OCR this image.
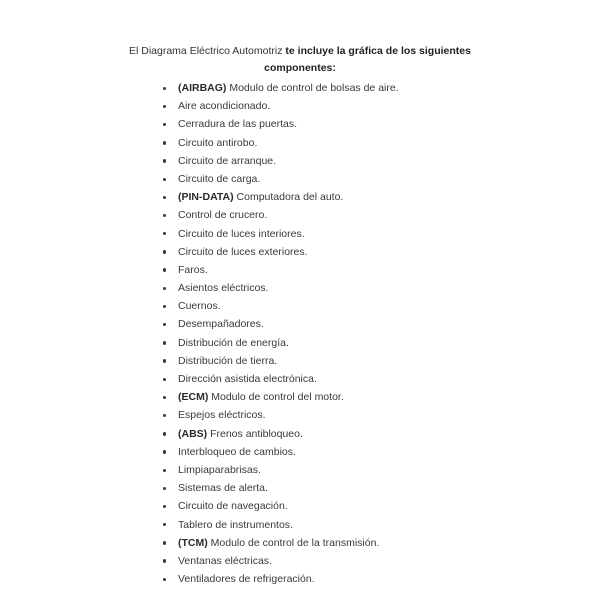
El Diagrama Eléctrico Automotriz te incluye la gráfica de los siguientes componentes:
(AIRBAG) Modulo de control de bolsas de aire.
Aire acondicionado.
Cerradura de las puertas.
Circuito antirobo.
Circuito de arranque.
Circuito de carga.
(PIN-DATA) Computadora del auto.
Control de crucero.
Circuito de luces interiores.
Circuito de luces exteriores.
Faros.
Asientos eléctricos.
Cuernos.
Desempañadores.
Distribución de energía.
Distribución de tierra.
Dirección asistida electrónica.
(ECM) Modulo de control del motor.
Espejos eléctricos.
(ABS) Frenos antibloqueo.
Interbloqueo de cambios.
Limpiaparabrisas.
Sistemas de alerta.
Circuito de navegación.
Tablero de instrumentos.
(TCM) Modulo de control de la transmisión.
Ventanas eléctricas.
Ventiladores de refrigeración.
